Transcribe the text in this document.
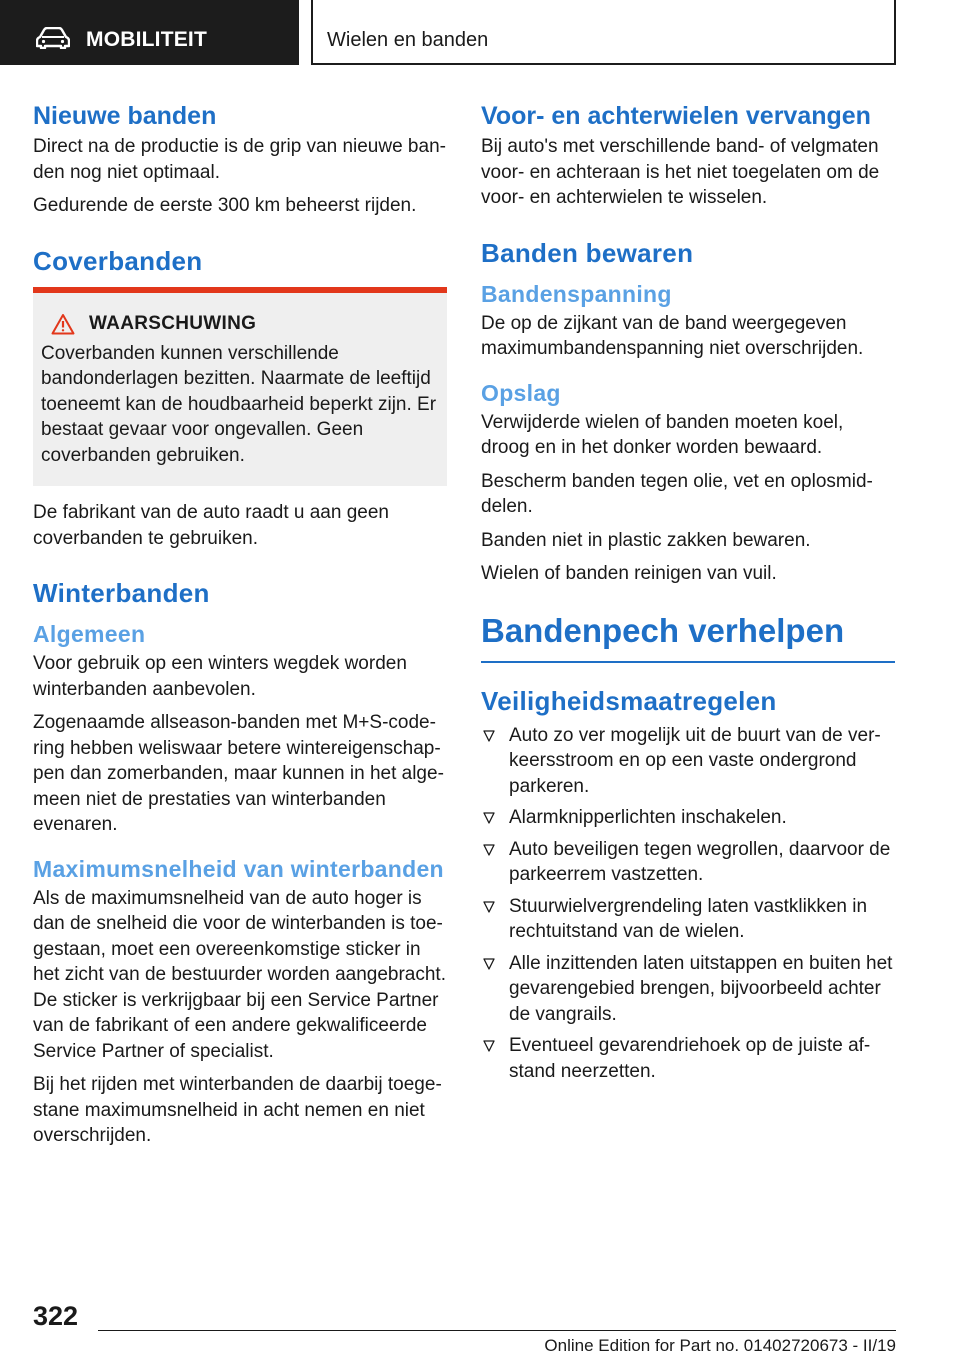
MOBILITEIT	Wielen en banden
Nieuwe banden

Direct na de productie is de grip van nieuwe banden nog niet optimaal.

Gedurende de eerste 300 km beheerst rijden.

Coverbanden
WAARSCHUWING

Coverbanden kunnen verschillende bandonderlagen bezitten. Naarmate de leeftijd toeneemt kan de houdbaarheid beperkt zijn. Er bestaat gevaar voor ongevallen. Geen coverbanden gebruiken.

De fabrikant van de auto raadt u aan geen coverbanden te gebruiken.

Winterbanden
Algemeen

Voor gebruik op een winters wegdek worden winterbanden aanbevolen.

Zogenaamde allseason-banden met M+S-codering hebben weliswaar betere wintereigenschappen dan zomerbanden, maar kunnen in het algemeen niet de prestaties van winterbanden evenaren.

Maximumsnelheid van winterbanden

Als de maximumsnelheid van de auto hoger is dan de snelheid die voor de winterbanden is toegestaan, moet een overeenkomstige sticker in het zicht van de bestuurder worden aangebracht. De sticker is verkrijgbaar bij een Service Partner van de fabrikant of een andere gekwalificeerde Service Partner of specialist.

Bij het rijden met winterbanden de daarbij toegestane maximumsnelheid in acht nemen en niet overschrijden.

Voor- en achterwielen vervangen

Bij auto's met verschillende band- of velgmaten voor- en achteraan is het niet toegelaten om de voor- en achterwielen te wisselen.

Banden bewaren
Bandenspanning

De op de zijkant van de band weergegeven maximumbandenspanning niet overschrijden.

Opslag

Verwijderde wielen of banden moeten koel, droog en in het donker worden bewaard.

Bescherm banden tegen olie, vet en oplosmiddelen.

Banden niet in plastic zakken bewaren.

Wielen of banden reinigen van vuil.

Bandenpech verhelpen
Veiligheidsmaatregelen
Auto zo ver mogelijk uit de buurt van de verkeersstroom en op een vaste ondergrond parkeren.
Alarmknipperlichten inschakelen.
Auto beveiligen tegen wegrollen, daarvoor de parkeerrem vastzetten.
Stuurwielvergrendeling laten vastklikken in rechtuitstand van de wielen.
Alle inzittenden laten uitstappen en buiten het gevarengebied brengen, bijvoorbeeld achter de vangrails.
Eventueel gevarendriehoek op de juiste afstand neerzetten.
322
Online Edition for Part no. 01402720673 - II/19
